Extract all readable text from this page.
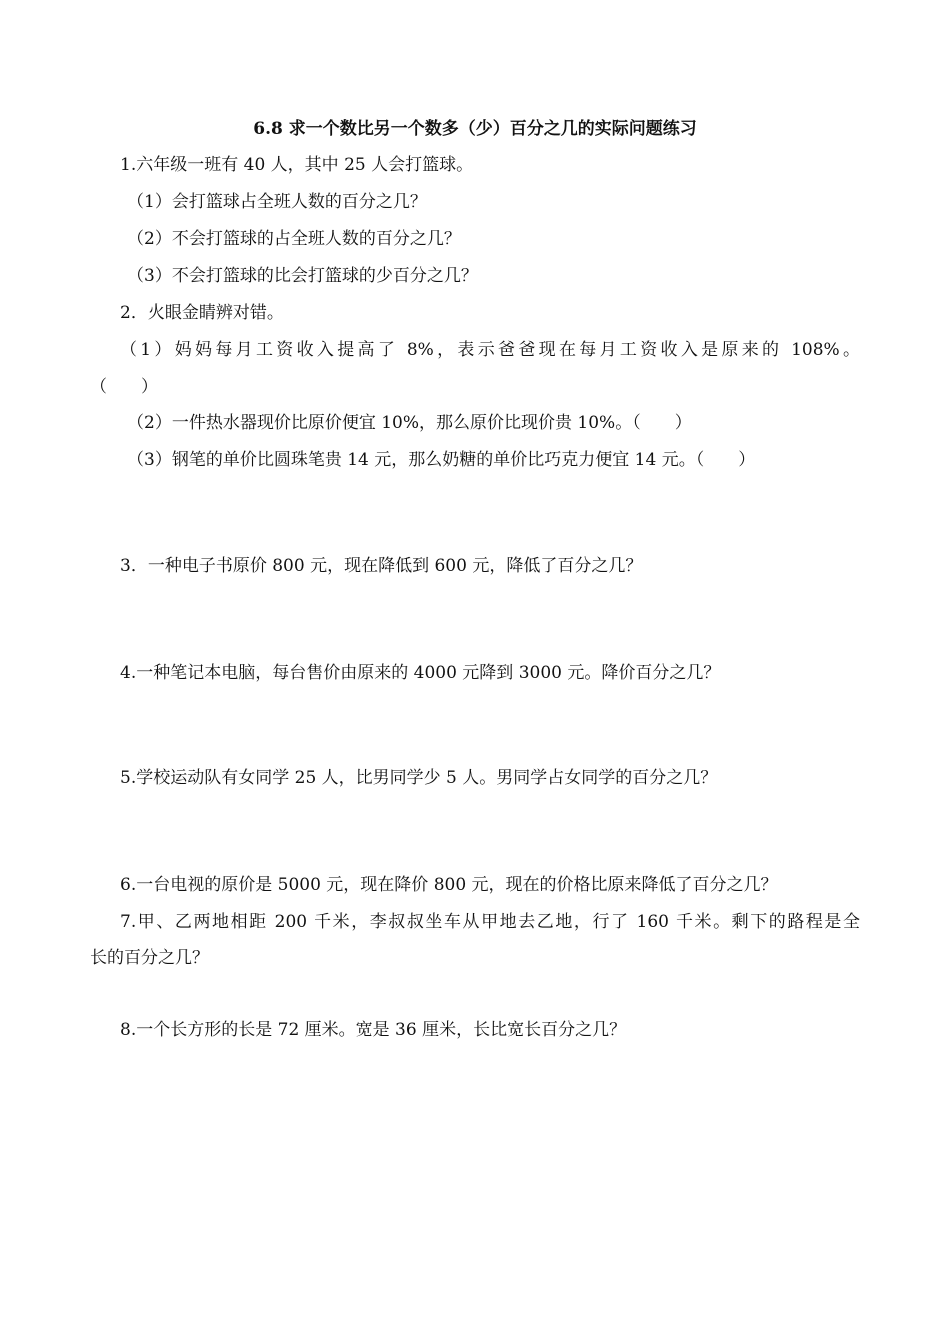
6.8 求一个数比另一个数多（少）百分之几的实际问题练习

1.六年级一班有 40 人，其中 25 人会打篮球。

（1）会打篮球占全班人数的百分之几？

（2）不会打篮球的占全班人数的百分之几？

（3）不会打篮球的比会打篮球的少百分之几？

2．火眼金睛辨对错。

（1）妈妈每月工资收入提高了 8%，表示爸爸现在每月工资收入是原来的 108%。

（　　）

（2）一件热水器现价比原价便宜 10%，那么原价比现价贵 10%。（　　）

（3）钢笔的单价比圆珠笔贵 14 元，那么奶糖的单价比巧克力便宜 14 元。（　　）

3．一种电子书原价 800 元，现在降低到 600 元，降低了百分之几？

4.一种笔记本电脑，每台售价由原来的 4000 元降到 3000 元。降价百分之几？

5.学校运动队有女同学 25 人，比男同学少 5 人。男同学占女同学的百分之几？

6.一台电视的原价是 5000 元，现在降价 800 元，现在的价格比原来降低了百分之几？

7.甲、乙两地相距 200 千米，李叔叔坐车从甲地去乙地，行了 160 千米。剩下的路程是全

长的百分之几？

8.一个长方形的长是 72 厘米。宽是 36 厘米，长比宽长百分之几？
